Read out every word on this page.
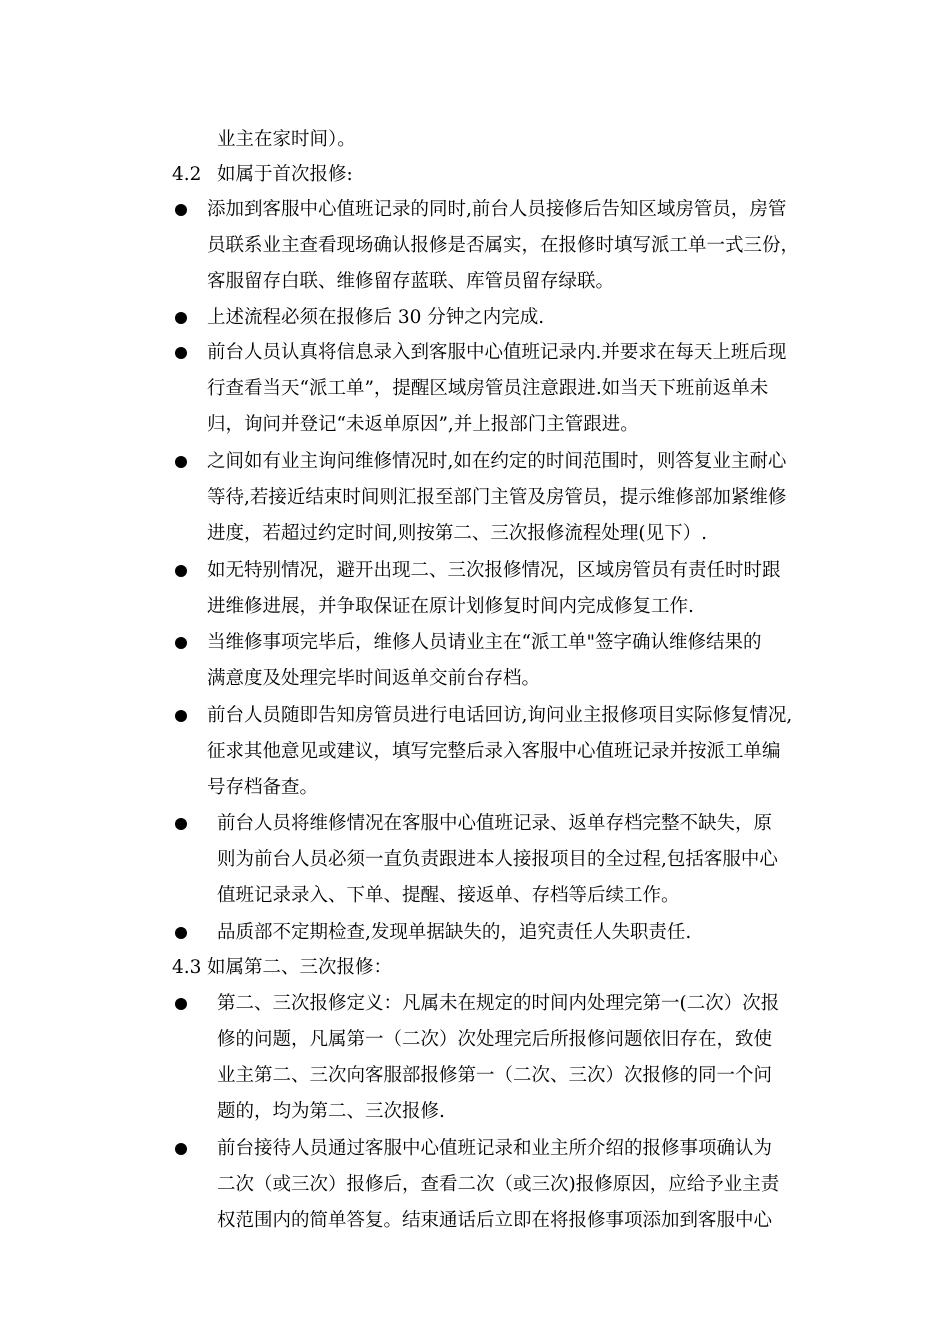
业主在家时间）。
4.2 如属于首次报修:
添加到客服中心值班记录的同时,前台人员接修后告知区域房管员，房管
员联系业主查看现场确认报修是否属实，在报修时填写派工单一式三份，
客服留存白联、维修留存蓝联、库管员留存绿联。
上述流程必须在报修后 30 分钟之内完成.
前台人员认真将信息录入到客服中心值班记录内.并要求在每天上班后现
行查看当天“派工单”，提醒区域房管员注意跟进.如当天下班前返单未
归，询问并登记“未返单原因”,并上报部门主管跟进。
之间如有业主询问维修情况时,如在约定的时间范围时，则答复业主耐心
等待,若接近结束时间则汇报至部门主管及房管员，提示维修部加紧维修
进度，若超过约定时间,则按第二、三次报修流程处理(见下）.
如无特别情况，避开出现二、三次报修情况，区域房管员有责任时时跟
进维修进展，并争取保证在原计划修复时间内完成修复工作.
当维修事项完毕后，维修人员请业主在“派工单"签字确认维修结果的
满意度及处理完毕时间返单交前台存档。
前台人员随即告知房管员进行电话回访,询问业主报修项目实际修复情况,
征求其他意见或建议，填写完整后录入客服中心值班记录并按派工单编
号存档备查。
前台人员将维修情况在客服中心值班记录、返单存档完整不缺失，原
则为前台人员必须一直负责跟进本人接报项目的全过程,包括客服中心
值班记录录入、下单、提醒、接返单、存档等后续工作。
品质部不定期检查,发现单据缺失的，追究责任人失职责任.
4.3 如属第二、三次报修：
第二、三次报修定义：凡属未在规定的时间内处理完第一(二次）次报
修的问题，凡属第一（二次）次处理完后所报修问题依旧存在，致使
业主第二、三次向客服部报修第一（二次、三次）次报修的同一个问
题的，均为第二、三次报修.
前台接待人员通过客服中心值班记录和业主所介绍的报修事项确认为
二次（或三次）报修后，查看二次（或三次)报修原因，应给予业主责
权范围内的简单答复。结束通话后立即在将报修事项添加到客服中心
